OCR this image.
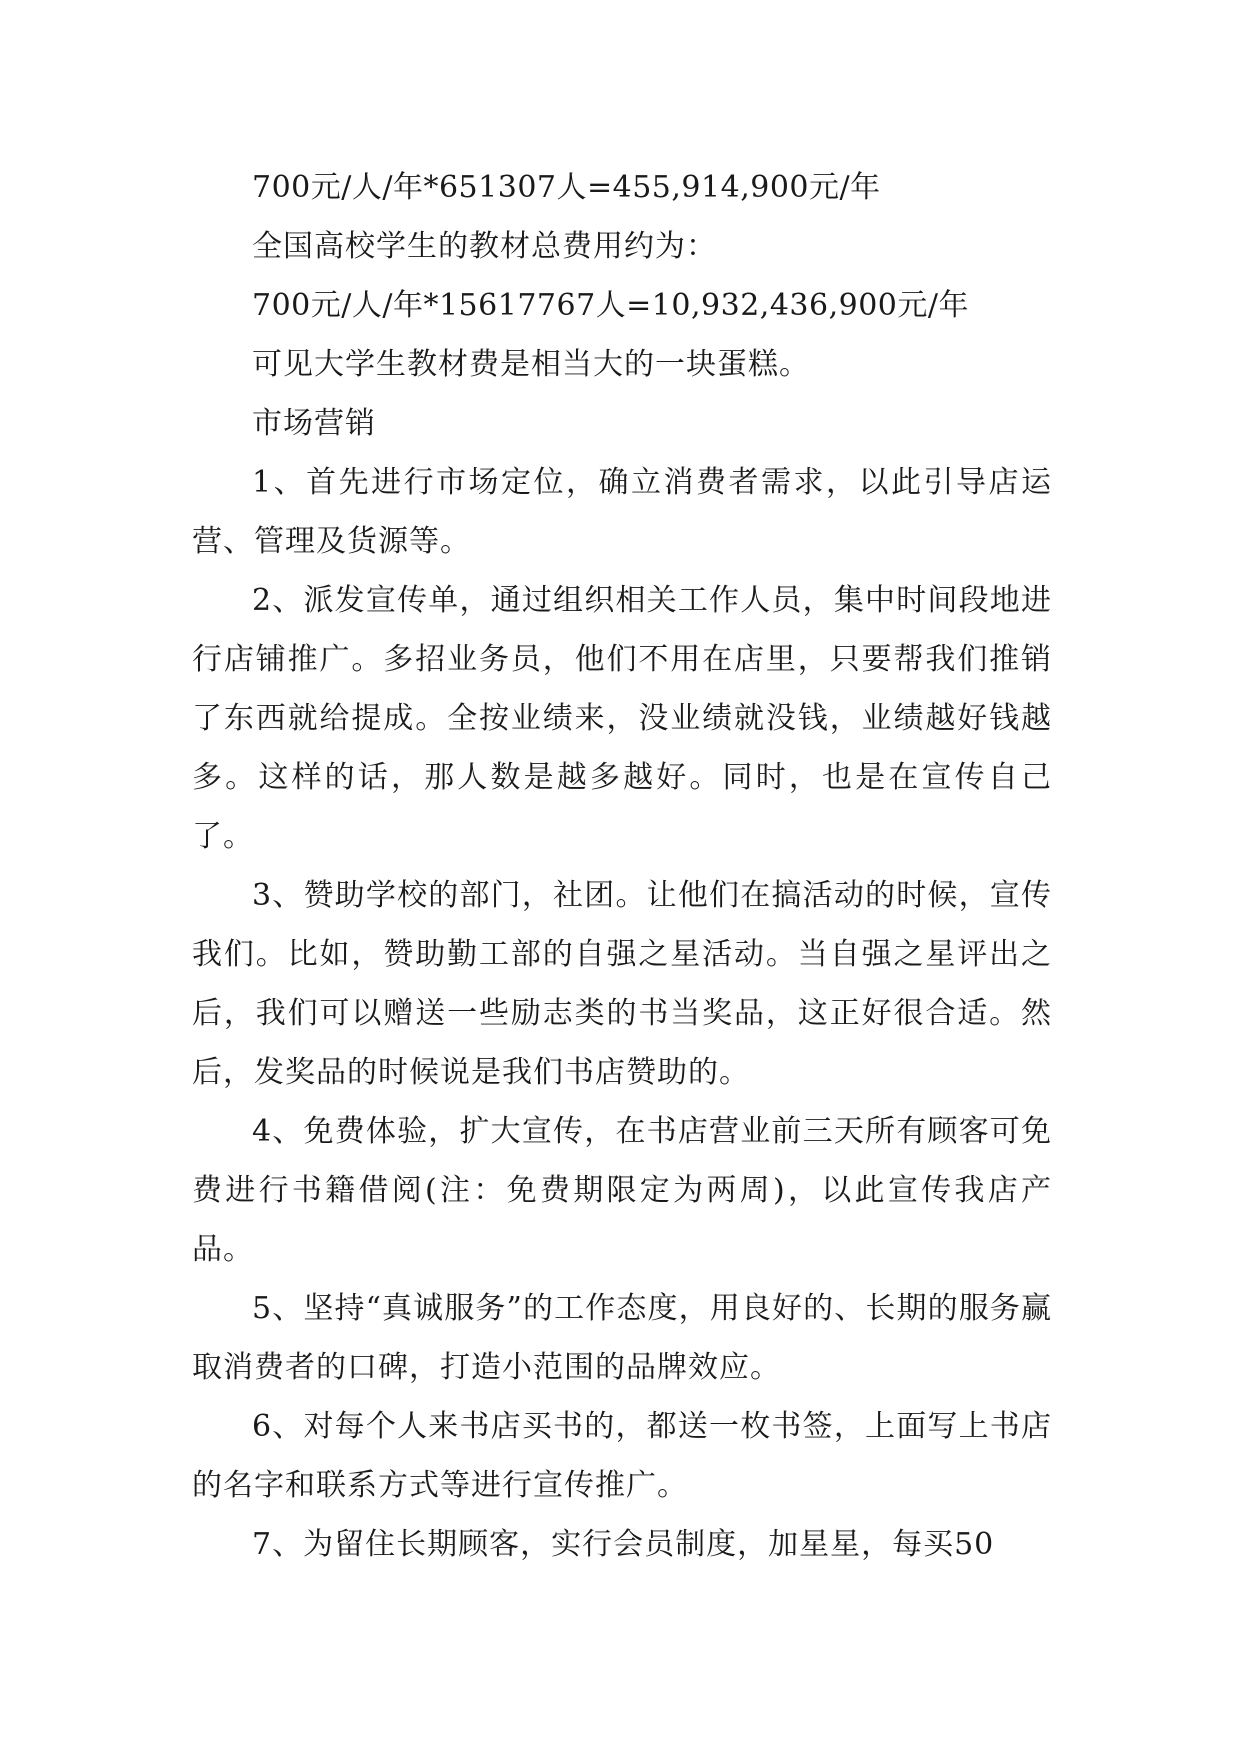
700元/人/年*651307人=455,914,900元/年

全国高校学生的教材总费用约为：

700元/人/年*15617767人=10,932,436,900元/年

可见大学生教材费是相当大的一块蛋糕。

市场营销

1、首先进行市场定位，确立消费者需求，以此引导店运营、管理及货源等。

2、派发宣传单，通过组织相关工作人员，集中时间段地进行店铺推广。多招业务员，他们不用在店里，只要帮我们推销了东西就给提成。全按业绩来，没业绩就没钱，业绩越好钱越多。这样的话，那人数是越多越好。同时，也是在宣传自己了。

3、赞助学校的部门，社团。让他们在搞活动的时候，宣传我们。比如，赞助勤工部的自强之星活动。当自强之星评出之后，我们可以赠送一些励志类的书当奖品，这正好很合适。然后，发奖品的时候说是我们书店赞助的。

4、免费体验，扩大宣传，在书店营业前三天所有顾客可免费进行书籍借阅(注：免费期限定为两周)，以此宣传我店产品。

5、坚持“真诚服务”的工作态度，用良好的、长期的服务赢取消费者的口碑，打造小范围的品牌效应。

6、对每个人来书店买书的，都送一枚书签，上面写上书店的名字和联系方式等进行宣传推广。

7、为留住长期顾客，实行会员制度，加星星，每买50
